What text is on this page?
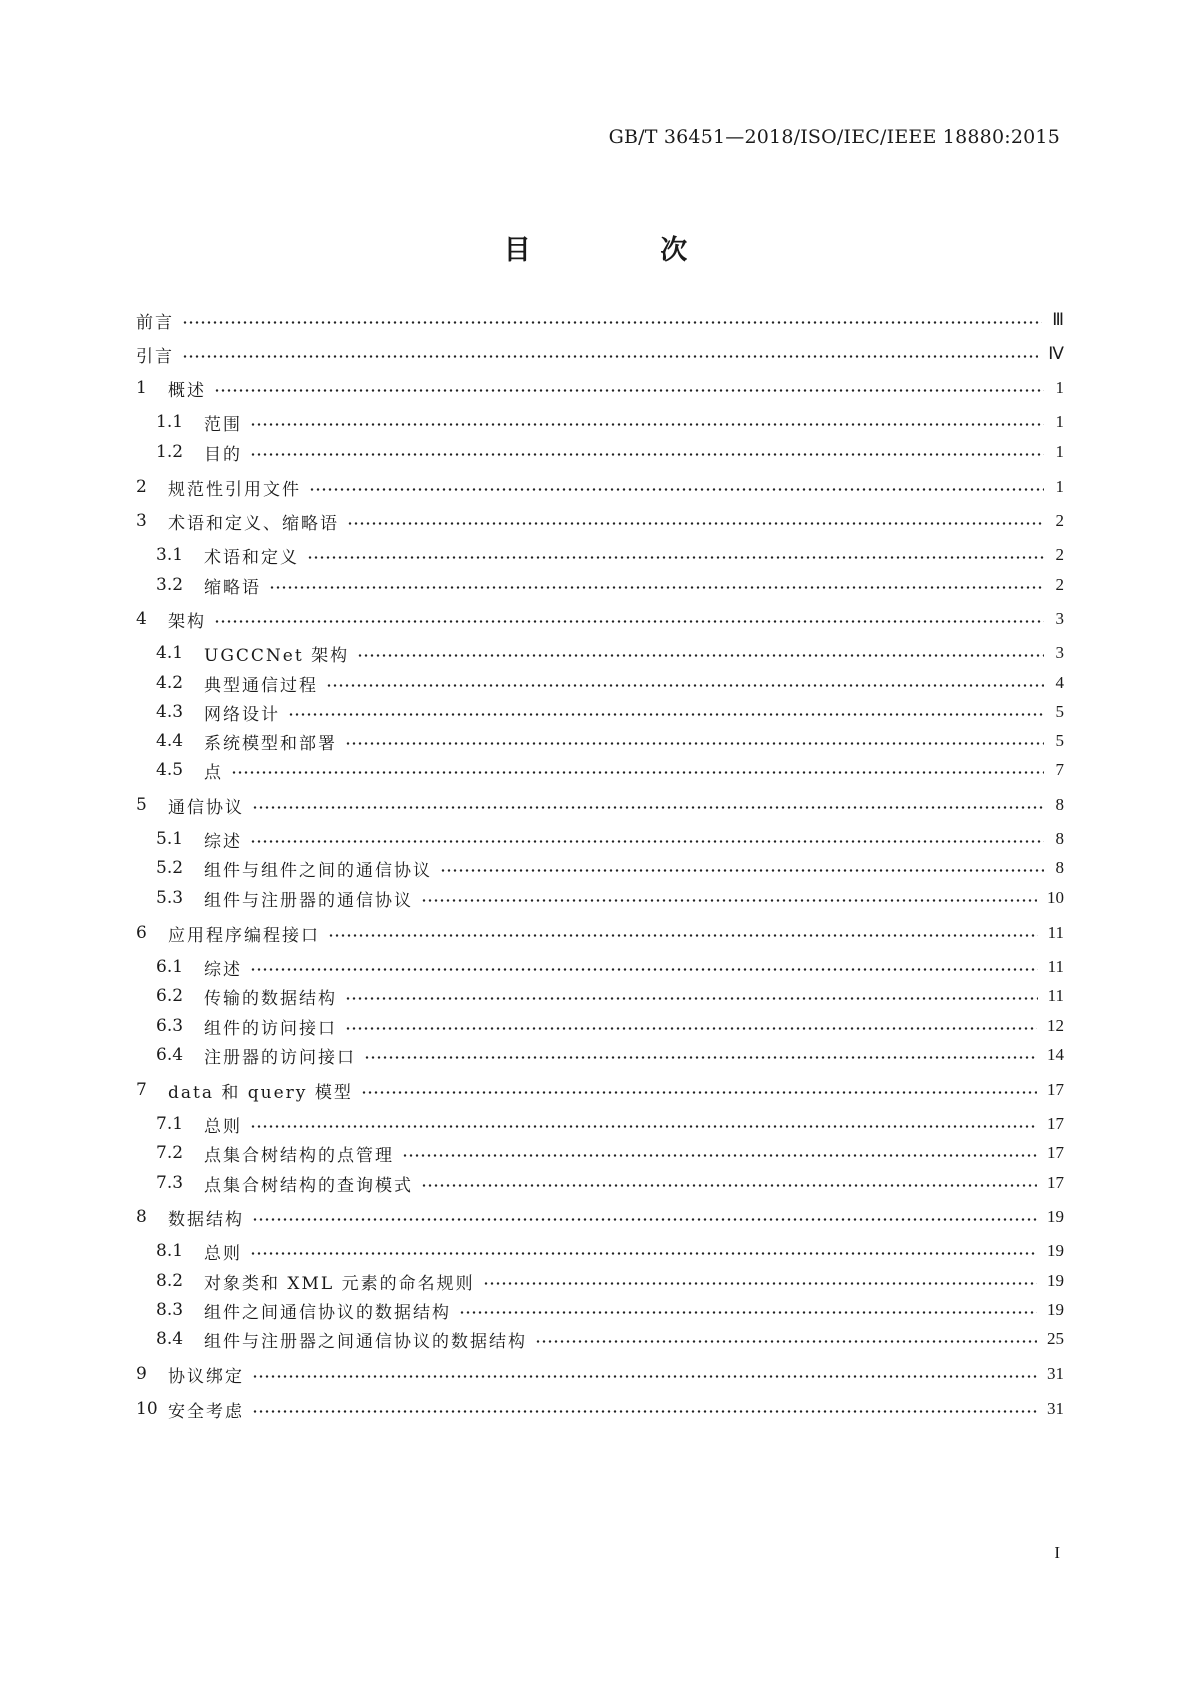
GB/T 36451—2018/ISO/IEC/IEEE 18880:2015
目 次
前言	Ⅲ
引言	Ⅳ
1	概述	1
1.1	范围	1
1.2	目的	1
2	规范性引用文件	1
3	术语和定义、缩略语	2
3.1	术语和定义	2
3.2	缩略语	2
4	架构	3
4.1	UGCCNet 架构	3
4.2	典型通信过程	4
4.3	网络设计	5
4.4	系统模型和部署	5
4.5	点	7
5	通信协议	8
5.1	综述	8
5.2	组件与组件之间的通信协议	8
5.3	组件与注册器的通信协议	10
6	应用程序编程接口	11
6.1	综述	11
6.2	传输的数据结构	11
6.3	组件的访问接口	12
6.4	注册器的访问接口	14
7	data 和 query 模型	17
7.1	总则	17
7.2	点集合树结构的点管理	17
7.3	点集合树结构的查询模式	17
8	数据结构	19
8.1	总则	19
8.2	对象类和 XML 元素的命名规则	19
8.3	组件之间通信协议的数据结构	19
8.4	组件与注册器之间通信协议的数据结构	25
9	协议绑定	31
10 安全考虑	31
I
